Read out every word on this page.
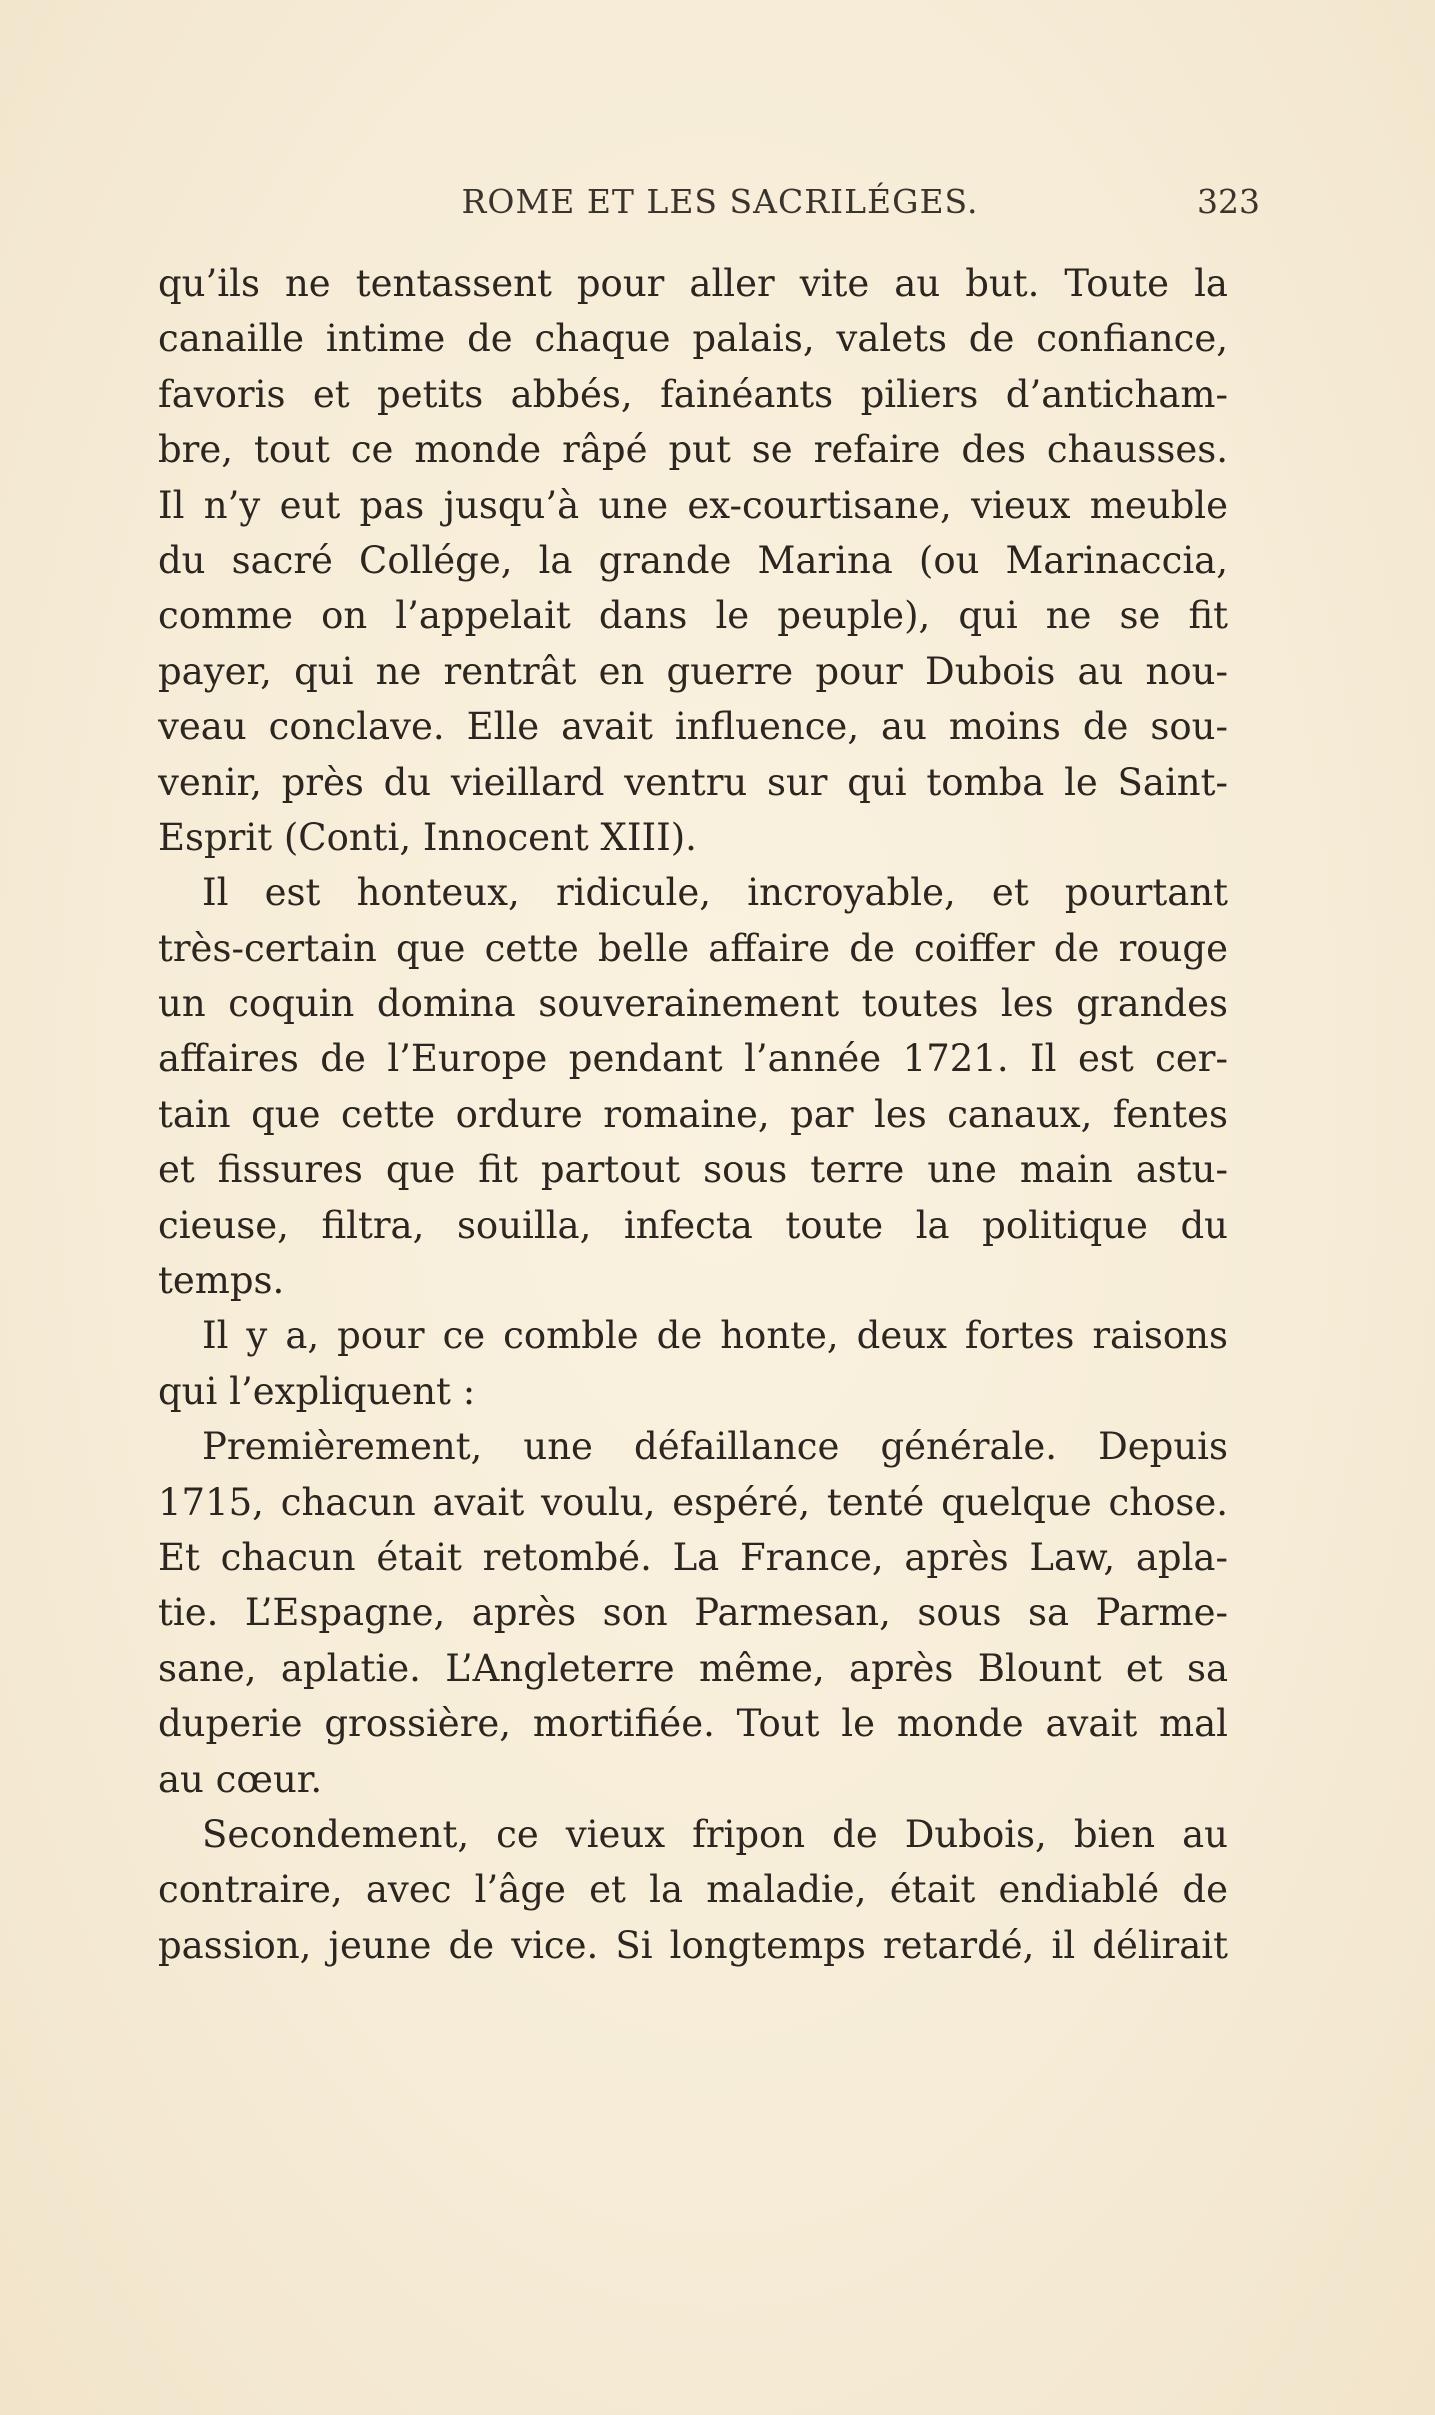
ROME ET LES SACRILÉGES.	323
qu’ils ne tentassent pour aller vite au but. Toute la
canaille intime de chaque palais, valets de confiance,
favoris et petits abbés, fainéants piliers d’anticham-
bre, tout ce monde râpé put se refaire des chausses.
Il n’y eut pas jusqu’à une ex-courtisane, vieux meuble
du sacré Collége, la grande Marina (ou Marinaccia,
comme on l’appelait dans le peuple), qui ne se fit
payer, qui ne rentrât en guerre pour Dubois au nou-
veau conclave. Elle avait influence, au moins de sou-
venir, près du vieillard ventru sur qui tomba le Saint-
Esprit (Conti, Innocent XIII).
Il est honteux, ridicule, incroyable, et pourtant
très-certain que cette belle affaire de coiffer de rouge
un coquin domina souverainement toutes les grandes
affaires de l’Europe pendant l’année 1721. Il est cer-
tain que cette ordure romaine, par les canaux, fentes
et fissures que fit partout sous terre une main astu-
cieuse, filtra, souilla, infecta toute la politique du
temps.
Il y a, pour ce comble de honte, deux fortes raisons
qui l’expliquent :
Premièrement, une défaillance générale. Depuis
1715, chacun avait voulu, espéré, tenté quelque chose.
Et chacun était retombé. La France, après Law, apla-
tie. L’Espagne, après son Parmesan, sous sa Parme-
sane, aplatie. L’Angleterre même, après Blount et sa
duperie grossière, mortifiée. Tout le monde avait mal
au cœur.
Secondement, ce vieux fripon de Dubois, bien au
contraire, avec l’âge et la maladie, était endiablé de
passion, jeune de vice. Si longtemps retardé, il délirait
